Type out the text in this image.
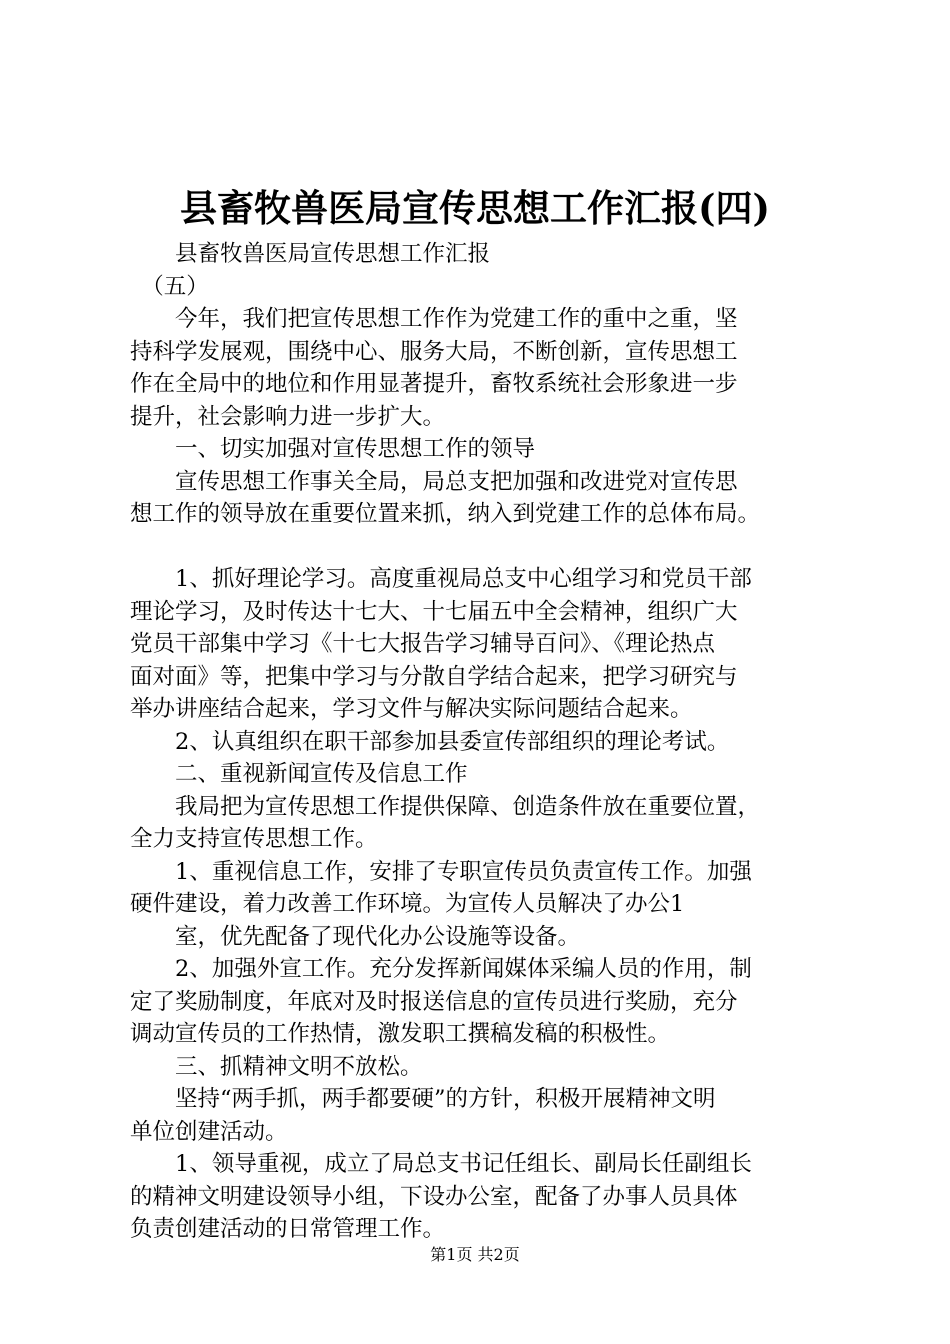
县畜牧兽医局宣传思想工作汇报(四)
　　县畜牧兽医局宣传思想工作汇报
　（五）
　　今年，我们把宣传思想工作作为党建工作的重中之重，坚
持科学发展观，围绕中心、服务大局，不断创新，宣传思想工
作在全局中的地位和作用显著提升，畜牧系统社会形象进一步
提升，社会影响力进一步扩大。
　　一、切实加强对宣传思想工作的领导
　　宣传思想工作事关全局，局总支把加强和改进党对宣传思
想工作的领导放在重要位置来抓，纳入到党建工作的总体布局。
　　1、抓好理论学习。高度重视局总支中心组学习和党员干部
理论学习，及时传达十七大、十七届五中全会精神，组织广大
党员干部集中学习《十七大报告学习辅导百问》、《理论热点
面对面》等，把集中学习与分散自学结合起来，把学习研究与
举办讲座结合起来，学习文件与解决实际问题结合起来。
　　2、认真组织在职干部参加县委宣传部组织的理论考试。
　　二、重视新闻宣传及信息工作
　　我局把为宣传思想工作提供保障、创造条件放在重要位置，
全力支持宣传思想工作。
　　1、重视信息工作，安排了专职宣传员负责宣传工作。加强
硬件建设，着力改善工作环境。为宣传人员解决了办公1
　　室，优先配备了现代化办公设施等设备。
　　2、加强外宣工作。充分发挥新闻媒体采编人员的作用，制
定了奖励制度，年底对及时报送信息的宣传员进行奖励，充分
调动宣传员的工作热情，激发职工撰稿发稿的积极性。
　　三、抓精神文明不放松。
　　坚持“两手抓，两手都要硬”的方针，积极开展精神文明
单位创建活动。
　　1、领导重视，成立了局总支书记任组长、副局长任副组长
的精神文明建设领导小组，下设办公室，配备了办事人员具体
负责创建活动的日常管理工作。
第1页 共2页
